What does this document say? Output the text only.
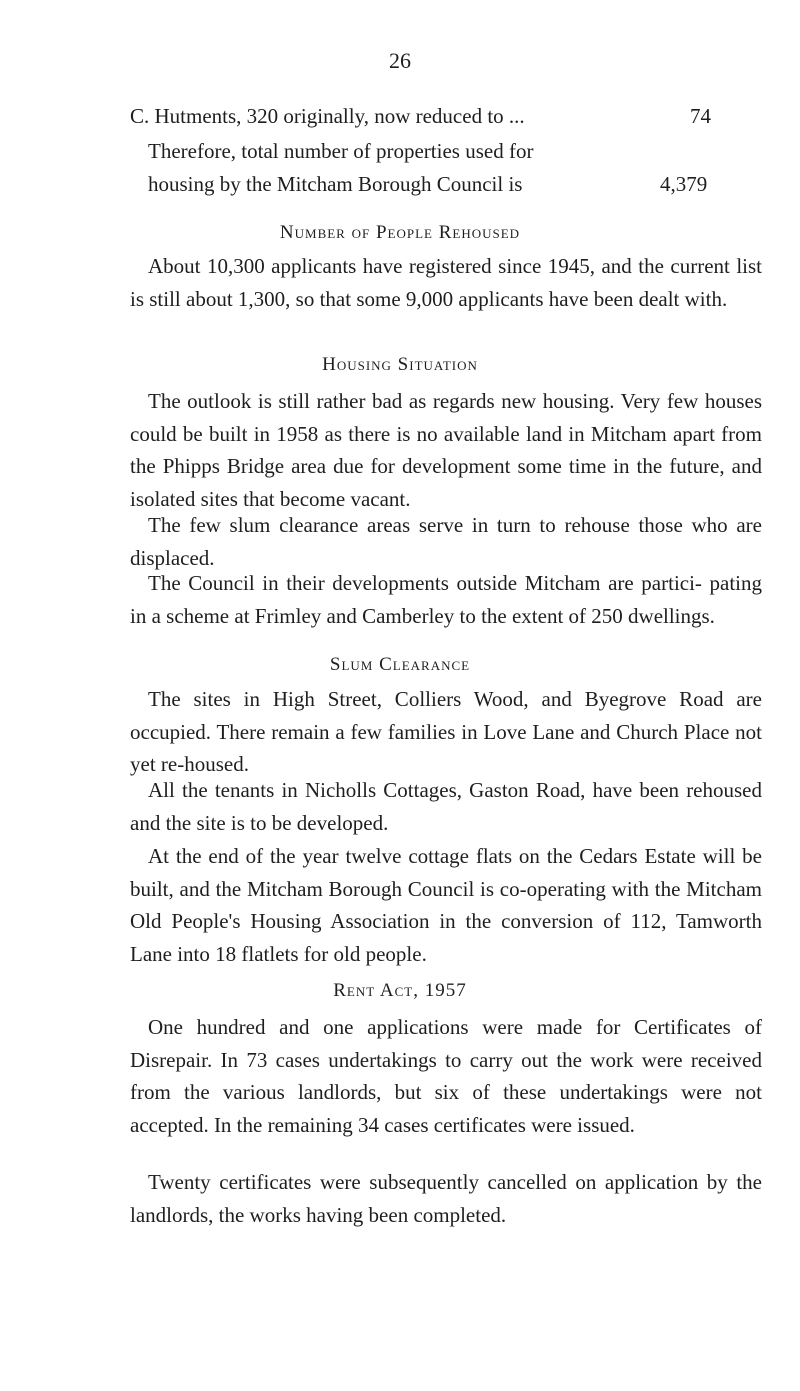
26
C. Hutments, 320 originally, now reduced to ...	74
Therefore, total number of properties used for
housing by the Mitcham Borough Council is	4,379
Number of People Rehoused

About 10,300 applicants have registered since 1945, and the current list is still about 1,300, so that some 9,000 applicants have been dealt with.

Housing Situation

The outlook is still rather bad as regards new housing. Very few houses could be built in 1958 as there is no available land in Mitcham apart from the Phipps Bridge area due for development some time in the future, and isolated sites that become vacant.

The few slum clearance areas serve in turn to rehouse those who are displaced.

The Council in their developments outside Mitcham are partici- pating in a scheme at Frimley and Camberley to the extent of 250 dwellings.

Slum Clearance

The sites in High Street, Colliers Wood, and Byegrove Road are occupied. There remain a few families in Love Lane and Church Place not yet re-housed.

All the tenants in Nicholls Cottages, Gaston Road, have been rehoused and the site is to be developed.

At the end of the year twelve cottage flats on the Cedars Estate will be built, and the Mitcham Borough Council is co-operating with the Mitcham Old People's Housing Association in the conversion of 112, Tamworth Lane into 18 flatlets for old people.

Rent Act, 1957

One hundred and one applications were made for Certificates of Disrepair. In 73 cases undertakings to carry out the work were received from the various landlords, but six of these undertakings were not accepted. In the remaining 34 cases certificates were issued.

Twenty certificates were subsequently cancelled on application by the landlords, the works having been completed.
